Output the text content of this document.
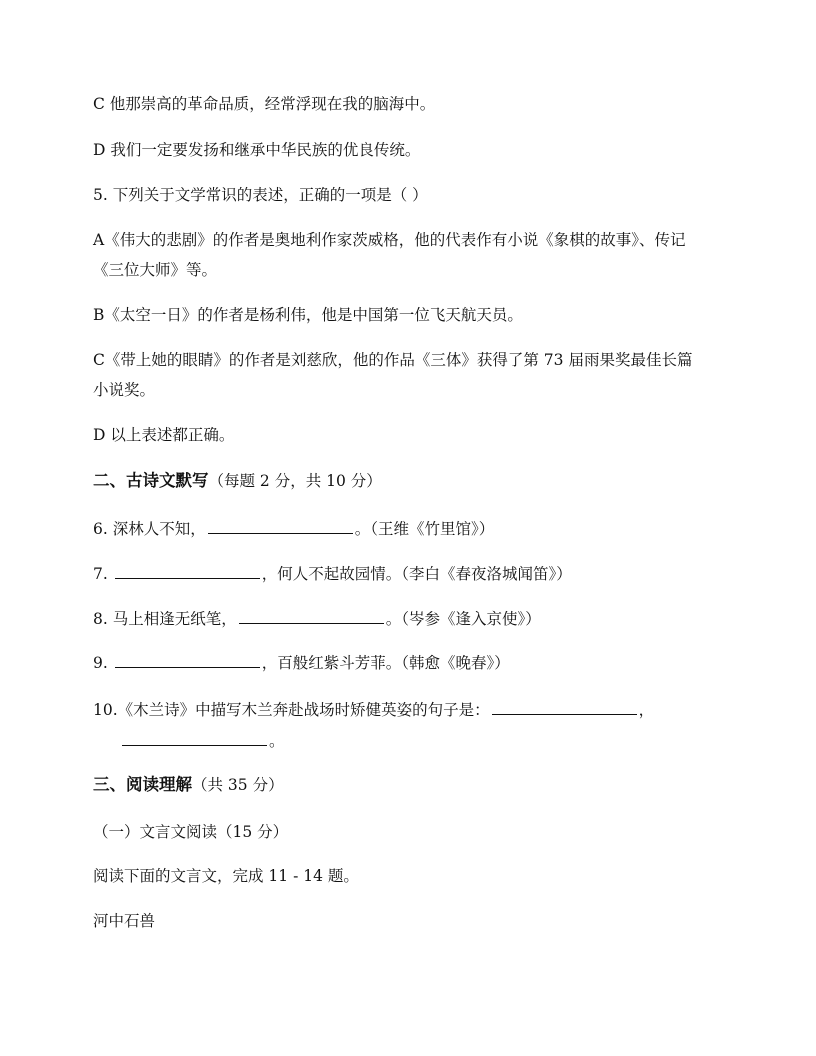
C 他那崇高的革命品质，经常浮现在我的脑海中。

D 我们一定要发扬和继承中华民族的优良传统。

5. 下列关于文学常识的表述，正确的一项是（ ）

A《伟大的悲剧》的作者是奥地利作家茨威格，他的代表作有小说《象棋的故事》、传记

《三位大师》等。

B《太空一日》的作者是杨利伟，他是中国第一位飞天航天员。

C《带上她的眼睛》的作者是刘慈欣，他的作品《三体》获得了第 73 届雨果奖最佳长篇

小说奖。

D 以上表述都正确。

二、古诗文默写（每题 2 分，共 10 分）

6. 深林人不知，	。（王维《竹里馆》）

7.	，何人不起故园情。（李白《春夜洛城闻笛》）

8. 马上相逢无纸笔，	。（岑参《逢入京使》）

9.	，百般红紫斗芳菲。（韩愈《晚春》）

10.《木兰诗》中描写木兰奔赴战场时矫健英姿的句子是：	，

。

三、阅读理解（共 35 分）

（一）文言文阅读（15 分）

阅读下面的文言文，完成 11 - 14 题。

河中石兽
